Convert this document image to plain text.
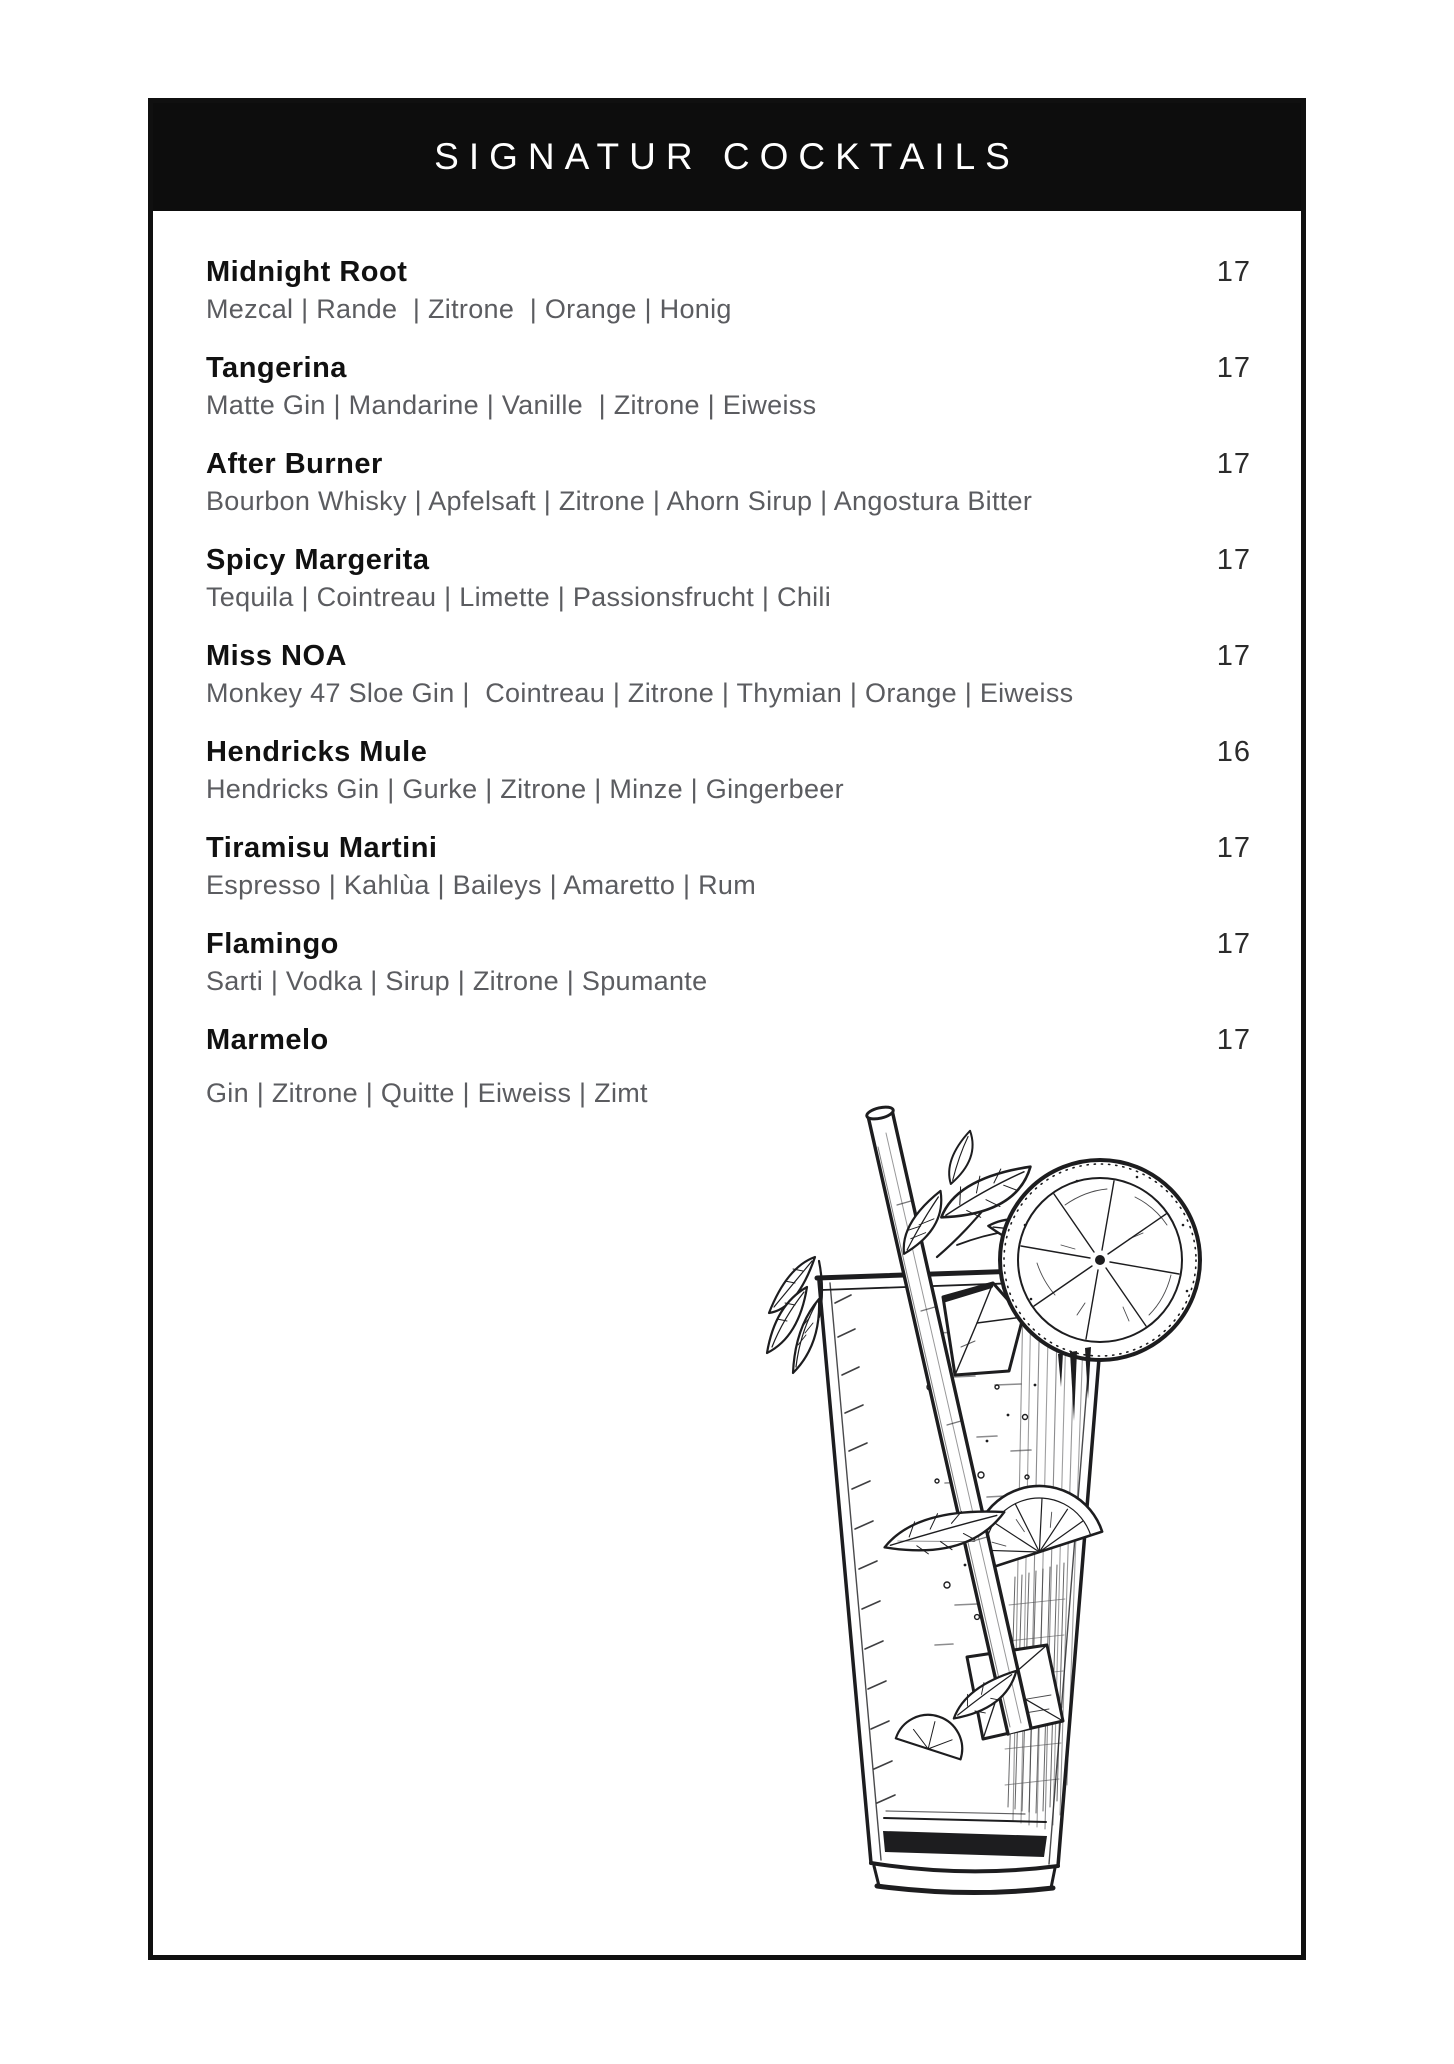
SIGNATUR COCKTAILS
Midnight Root	17
Mezcal | Rande  | Zitrone  | Orange | Honig
Tangerina	17
Matte Gin | Mandarine | Vanille  | Zitrone | Eiweiss
After Burner	17
Bourbon Whisky | Apfelsaft | Zitrone | Ahorn Sirup | Angostura Bitter
Spicy Margerita	17
Tequila | Cointreau | Limette | Passionsfrucht | Chili
Miss NOA	17
Monkey 47 Sloe Gin |  Cointreau | Zitrone | Thymian | Orange | Eiweiss
Hendricks Mule	16
Hendricks Gin | Gurke | Zitrone | Minze | Gingerbeer
Tiramisu Martini	17
Espresso | Kahlùa | Baileys | Amaretto | Rum
Flamingo	17
Sarti | Vodka | Sirup | Zitrone | Spumante
Marmelo	17
Gin | Zitrone | Quitte | Eiweiss | Zimt
